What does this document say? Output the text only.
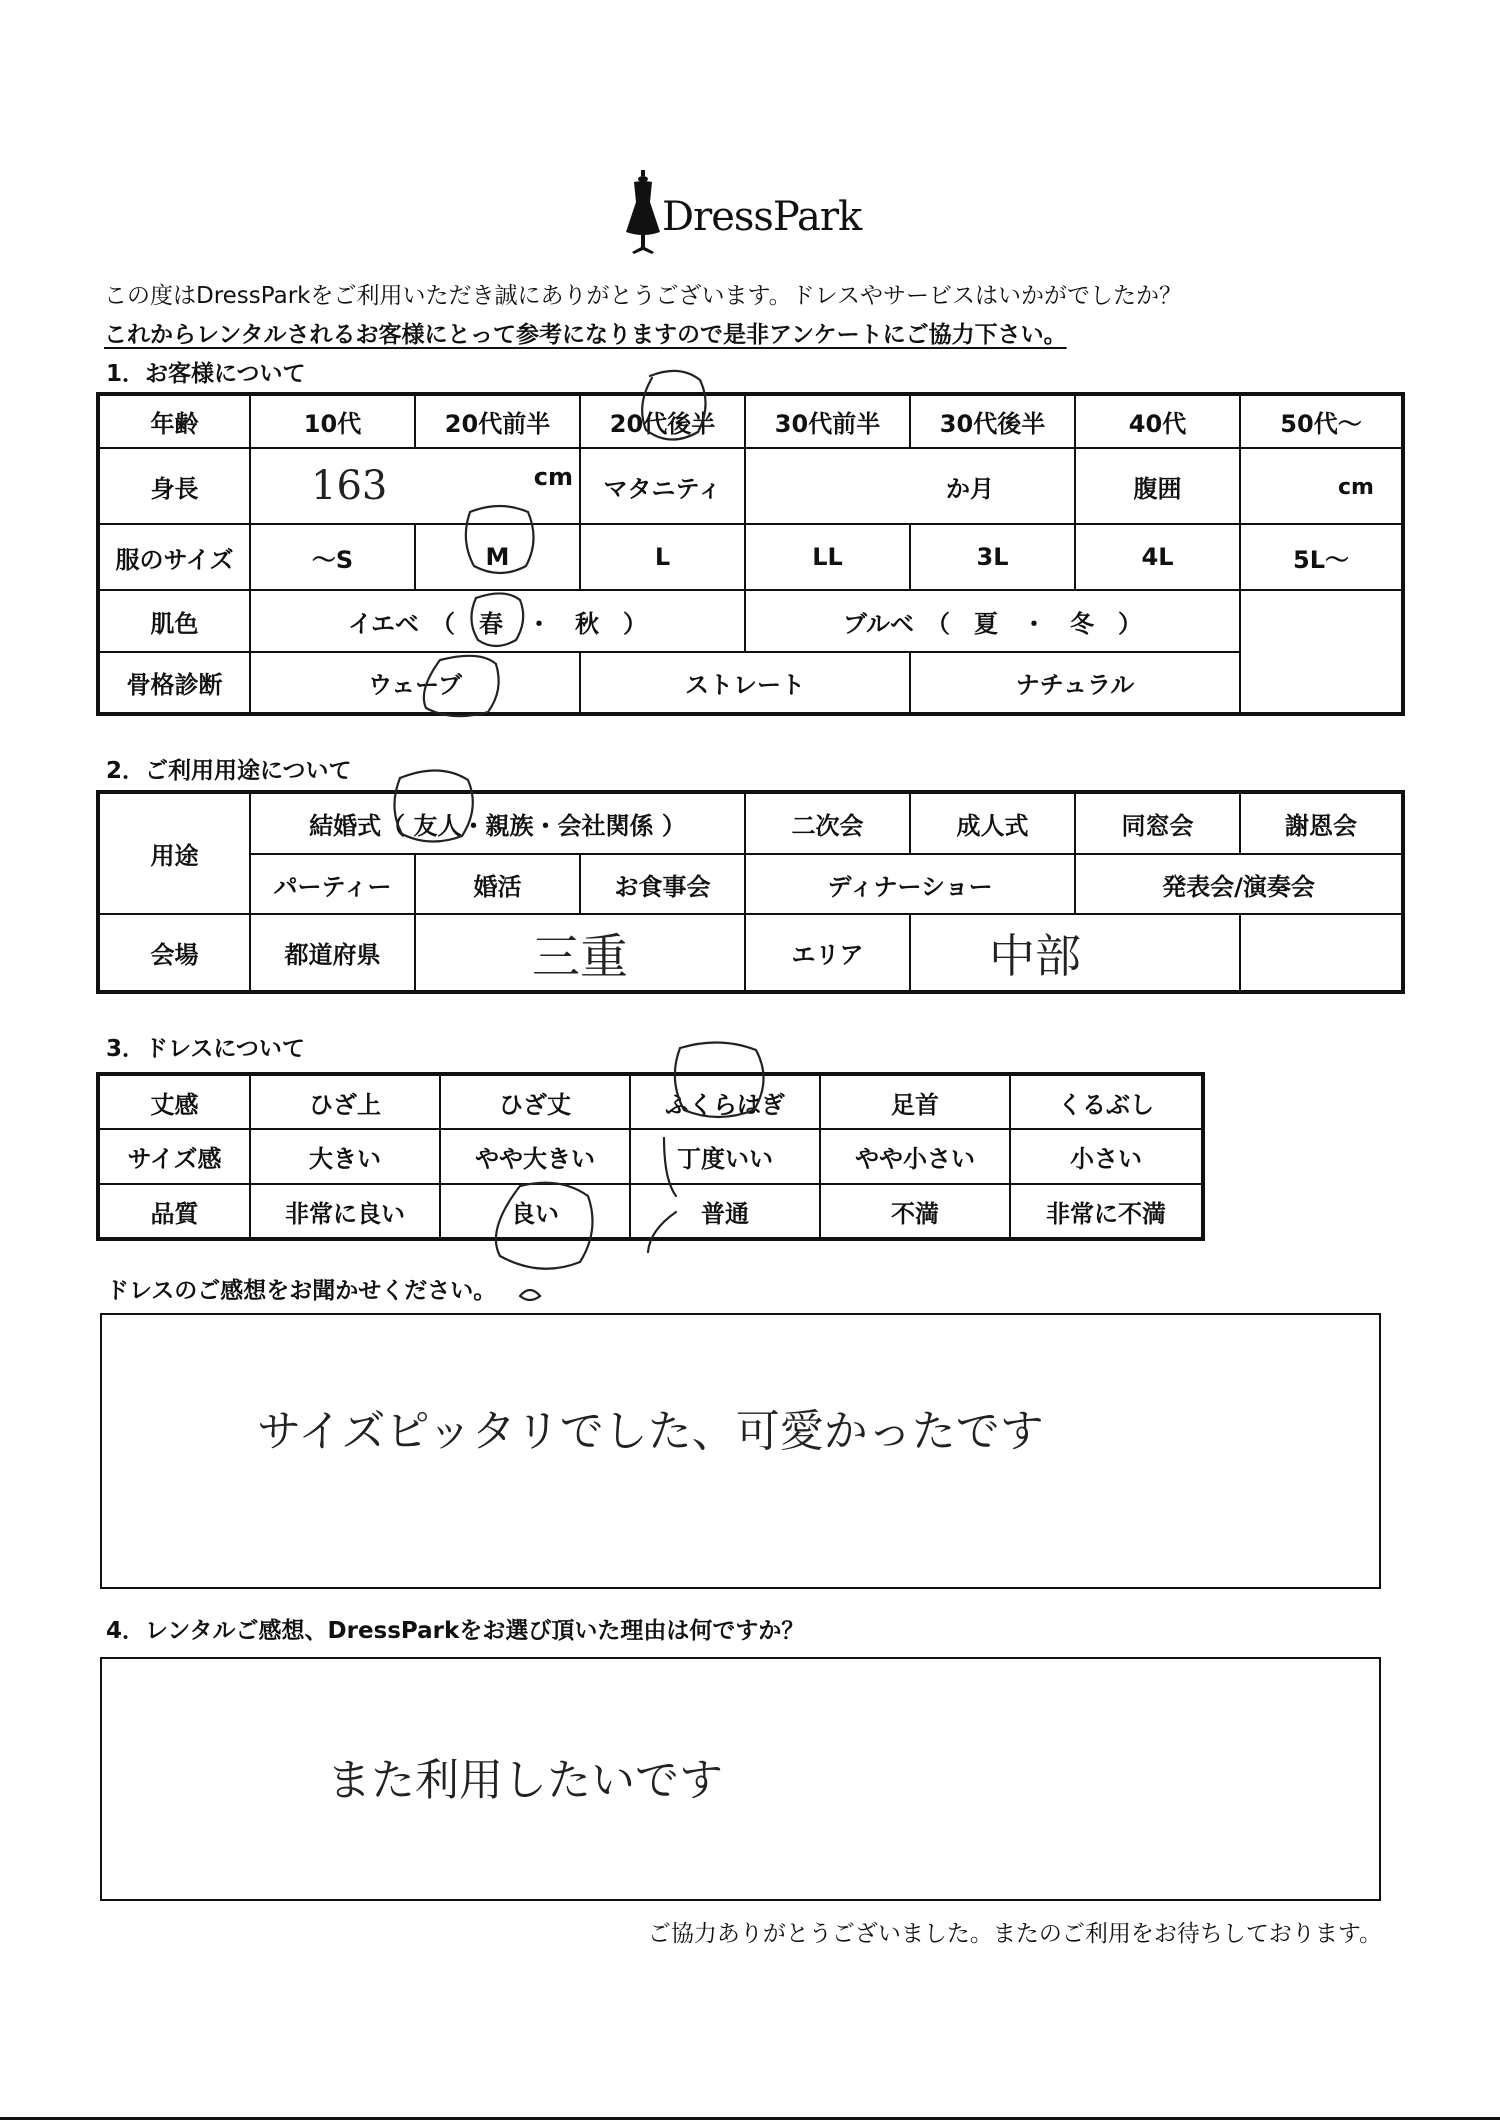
DressPark
この度はDressParkをご利用いただき誠にありがとうございます。ドレスやサービスはいかがでしたか？
これからレンタルされるお客様にとって参考になりますので是非アンケートにご協力下さい。
1．お客様について
年齢	10代	20代前半	20代後半	30代前半	30代後半	40代	50代～
身長	163 cm		マタニティ	か月		腹囲	cm
服のサイズ	～S	M	L	LL	3L	4L	5L～
肌色	イエベ　（　春　・　秋　）			ブルベ　（　夏　・　冬　）			
骨格診断	ウェーブ		ストレート		ナチュラル		
2．ご利用用途について
用途	結婚式（ 友人・親族・会社関係 ）			二次会	成人式	同窓会	謝恩会
	パーティー	婚活	お食事会	ディナーショー		発表会/演奏会	
会場	都道府県	三重		エリア	中部		
3．ドレスについて
丈感	ひざ上	ひざ丈	ふくらはぎ	足首	くるぶし
サイズ感	大きい	やや大きい	丁度いい	やや小さい	小さい
品質	非常に良い	良い	普通	不満	非常に不満
ドレスのご感想をお聞かせください。
サイズピッタリでした、可愛かったです
4．レンタルご感想、DressParkをお選び頂いた理由は何ですか？
また利用したいです
ご協力ありがとうございました。またのご利用をお待ちしております。
